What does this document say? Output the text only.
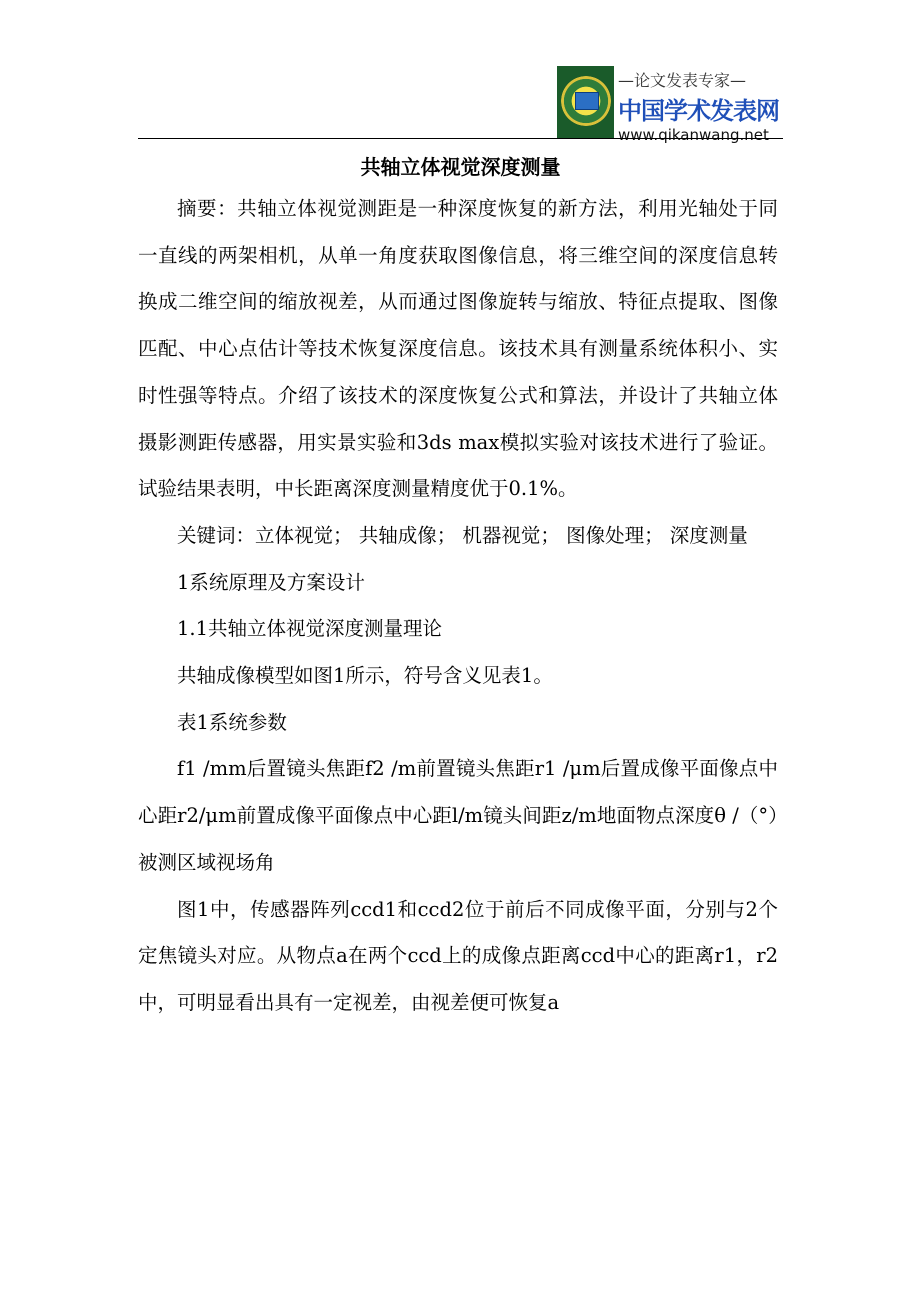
—论文发表专家—
中国学术发表网
www.qikanwang.net
共轴立体视觉深度测量

摘要：共轴立体视觉测距是一种深度恢复的新方法，利用光轴处于同一直线的两架相机，从单一角度获取图像信息，将三维空间的深度信息转换成二维空间的缩放视差，从而通过图像旋转与缩放、特征点提取、图像匹配、中心点估计等技术恢复深度信息。该技术具有测量系统体积小、实时性强等特点。介绍了该技术的深度恢复公式和算法，并设计了共轴立体摄影测距传感器，用实景实验和3ds max模拟实验对该技术进行了验证。试验结果表明，中长距离深度测量精度优于0.1%。

关键词：立体视觉； 共轴成像； 机器视觉； 图像处理； 深度测量

1系统原理及方案设计

1.1共轴立体视觉深度测量理论

共轴成像模型如图1所示，符号含义见表1。

表1系统参数

f1 /mm后置镜头焦距f2 /m前置镜头焦距r1 /μm后置成像平面像点中心距r2/μm前置成像平面像点中心距l/m镜头间距z/m地面物点深度θ /（°）被测区域视场角

图1中，传感器阵列ccd1和ccd2位于前后不同成像平面，分别与2个定焦镜头对应。从物点a在两个ccd上的成像点距离ccd中心的距离r1，r2中，可明显看出具有一定视差，由视差便可恢复a
